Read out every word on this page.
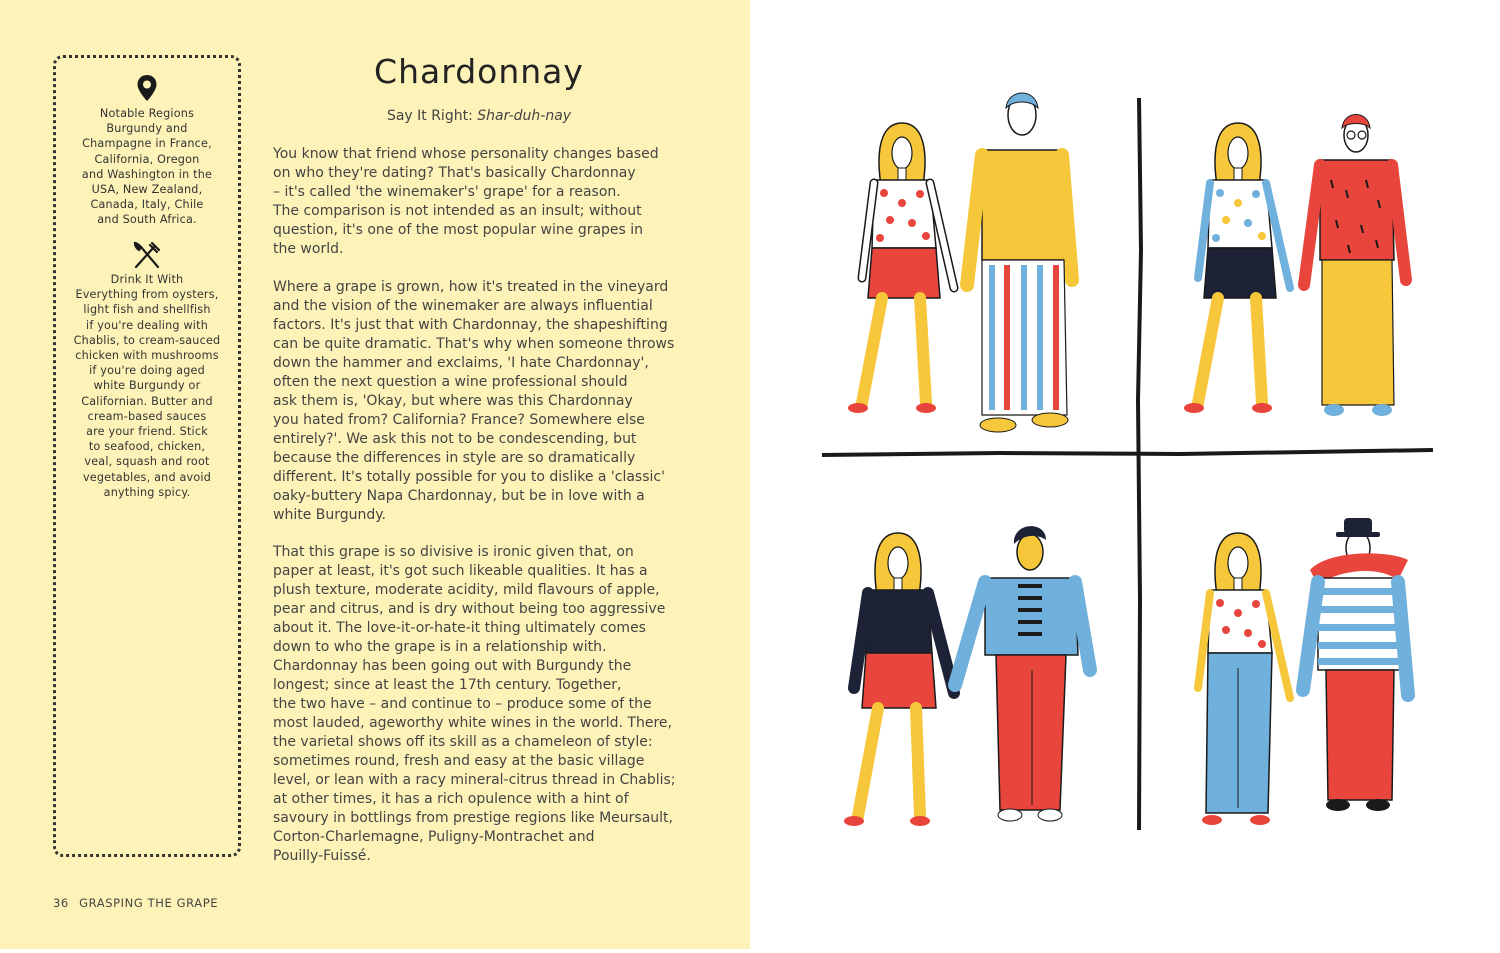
Notable Regions
Burgundy and
Champagne in France,
California, Oregon
and Washington in the
USA, New Zealand,
Canada, Italy, Chile
and South Africa.
Drink It With
Everything from oysters,
light fish and shellfish
if you're dealing with
Chablis, to cream-sauced
chicken with mushrooms
if you're doing aged
white Burgundy or
Californian. Butter and
cream-based sauces
are your friend. Stick
to seafood, chicken,
veal, squash and root
vegetables, and avoid
anything spicy.
Chardonnay
Say It Right: Shar-duh-nay
You know that friend whose personality changes based
on who they're dating? That's basically Chardonnay
– it's called 'the winemaker's' grape' for a reason.
The comparison is not intended as an insult; without
question, it's one of the most popular wine grapes in
the world.
Where a grape is grown, how it's treated in the vineyard
and the vision of the winemaker are always influential
factors. It's just that with Chardonnay, the shapeshifting
can be quite dramatic. That's why when someone throws
down the hammer and exclaims, 'I hate Chardonnay',
often the next question a wine professional should
ask them is, 'Okay, but where was this Chardonnay
you hated from? California? France? Somewhere else
entirely?'. We ask this not to be condescending, but
because the differences in style are so dramatically
different. It's totally possible for you to dislike a 'classic'
oaky-buttery Napa Chardonnay, but be in love with a
white Burgundy.
That this grape is so divisive is ironic given that, on
paper at least, it's got such likeable qualities. It has a
plush texture, moderate acidity, mild flavours of apple,
pear and citrus, and is dry without being too aggressive
about it. The love-it-or-hate-it thing ultimately comes
down to who the grape is in a relationship with.
Chardonnay has been going out with Burgundy the
longest; since at least the 17th century. Together,
the two have – and continue to – produce some of the
most lauded, ageworthy white wines in the world. There,
the varietal shows off its skill as a chameleon of style:
sometimes round, fresh and easy at the basic village
level, or lean with a racy mineral-citrus thread in Chablis;
at other times, it has a rich opulence with a hint of
savoury in bottlings from prestige regions like Meursault,
Corton-Charlemagne, Puligny-Montrachet and
Pouilly-Fuissé.
36 GRASPING THE GRAPE
